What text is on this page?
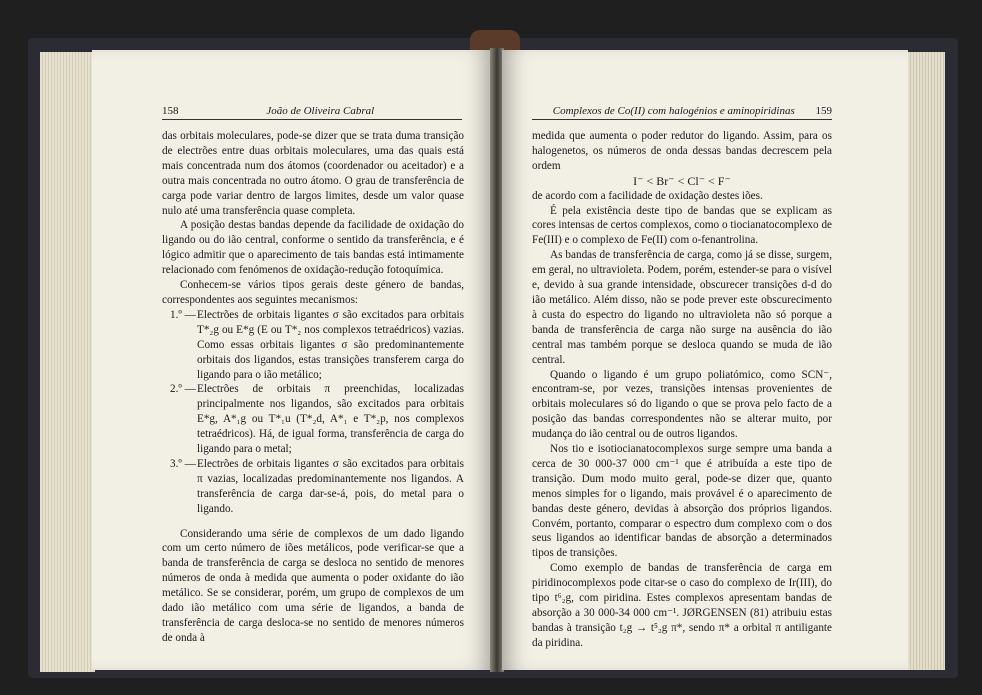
158	João de Oliveira Cabral

das orbitais moleculares, pode-se dizer que se trata duma transição de electrões entre duas orbitais moleculares, uma das quais está mais concentrada num dos átomos (coordenador ou aceitador) e a outra mais concentrada no outro átomo. O grau de transferência de carga pode variar dentro de largos limites, desde um valor quase nulo até uma transferência quase completa.

A posição destas bandas depende da facilidade de oxidação do ligando ou do ião central, conforme o sentido da transferência, e é lógico admitir que o aparecimento de tais bandas está intimamente relacionado com fenómenos de oxidação-redução fotoquímica.

Conhecem-se vários tipos gerais deste género de bandas, correspondentes aos seguintes mecanismos:

1.º — Electrões de orbitais ligantes σ são excitados para orbitais T*₂g ou E*g (E ou T*₂ nos complexos tetraédricos) vazias. Como essas orbitais ligantes σ são predominantemente orbitais dos ligandos, estas transições transferem carga do ligando para o ião metálico;
2.º — Electrões de orbitais π preenchidas, localizadas principalmente nos ligandos, são excitados para orbitais E*g, A*₁g ou T*₁u (T*₂d, A*₁ e T*₂p, nos complexos tetraédricos). Há, de igual forma, transferência de carga do ligando para o metal;
3.º — Electrões de orbitais ligantes σ são excitados para orbitais π vazias, localizadas predominantemente nos ligandos. A transferência de carga dar-se-á, pois, do metal para o ligando.

Considerando uma série de complexos de um dado ligando com um certo número de iões metálicos, pode verificar-se que a banda de transferência de carga se desloca no sentido de menores números de onda à medida que aumenta o poder oxidante do ião metálico. Se se considerar, porém, um grupo de complexos de um dado ião metálico com uma série de ligandos, a banda de transferência de carga desloca-se no sentido de menores números de onda à

Complexos de Co(II) com halogénios e aminopiridinas 159

medida que aumenta o poder redutor do ligando. Assim, para os halogenetos, os números de onda dessas bandas decrescem pela ordem

I⁻ < Br⁻ < Cl⁻ < F⁻

de acordo com a facilidade de oxidação destes iões.

É pela existência deste tipo de bandas que se explicam as cores intensas de certos complexos, como o tiocianatocomplexo de Fe(III) e o complexo de Fe(II) com o-fenantrolina.

As bandas de transferência de carga, como já se disse, surgem, em geral, no ultravioleta. Podem, porém, estender-se para o visível e, devido à sua grande intensidade, obscurecer transições d-d do ião metálico. Além disso, não se pode prever este obscurecimento à custa do espectro do ligando no ultravioleta não só porque a banda de transferência de carga não surge na ausência do ião central mas também porque se desloca quando se muda de ião central.

Quando o ligando é um grupo poliatómico, como SCN⁻, encontram-se, por vezes, transições intensas provenientes de orbitais moleculares só do ligando o que se prova pelo facto de a posição das bandas correspondentes não se alterar muito, por mudança do ião central ou de outros ligandos.

Nos tio e isotiocianatocomplexos surge sempre uma banda a cerca de 30 000-37 000 cm⁻¹ que é atribuída a este tipo de transição. Dum modo muito geral, pode-se dizer que, quanto menos simples for o ligando, mais provável é o aparecimento de bandas deste género, devidas à absorção dos próprios ligandos. Convém, portanto, comparar o espectro dum complexo com o dos seus ligandos ao identificar bandas de absorção a determinados tipos de transições.

Como exemplo de bandas de transferência de carga em piridinocomplexos pode citar-se o caso do complexo de Ir(III), do tipo t⁶₂g, com piridina. Estes complexos apresentam bandas de absorção a 30 000-34 000 cm⁻¹. JØRGENSEN (81) atribuiu estas bandas à transição t₂g → t⁵₂g π*, sendo π* a orbital π antiligante da piridina.
